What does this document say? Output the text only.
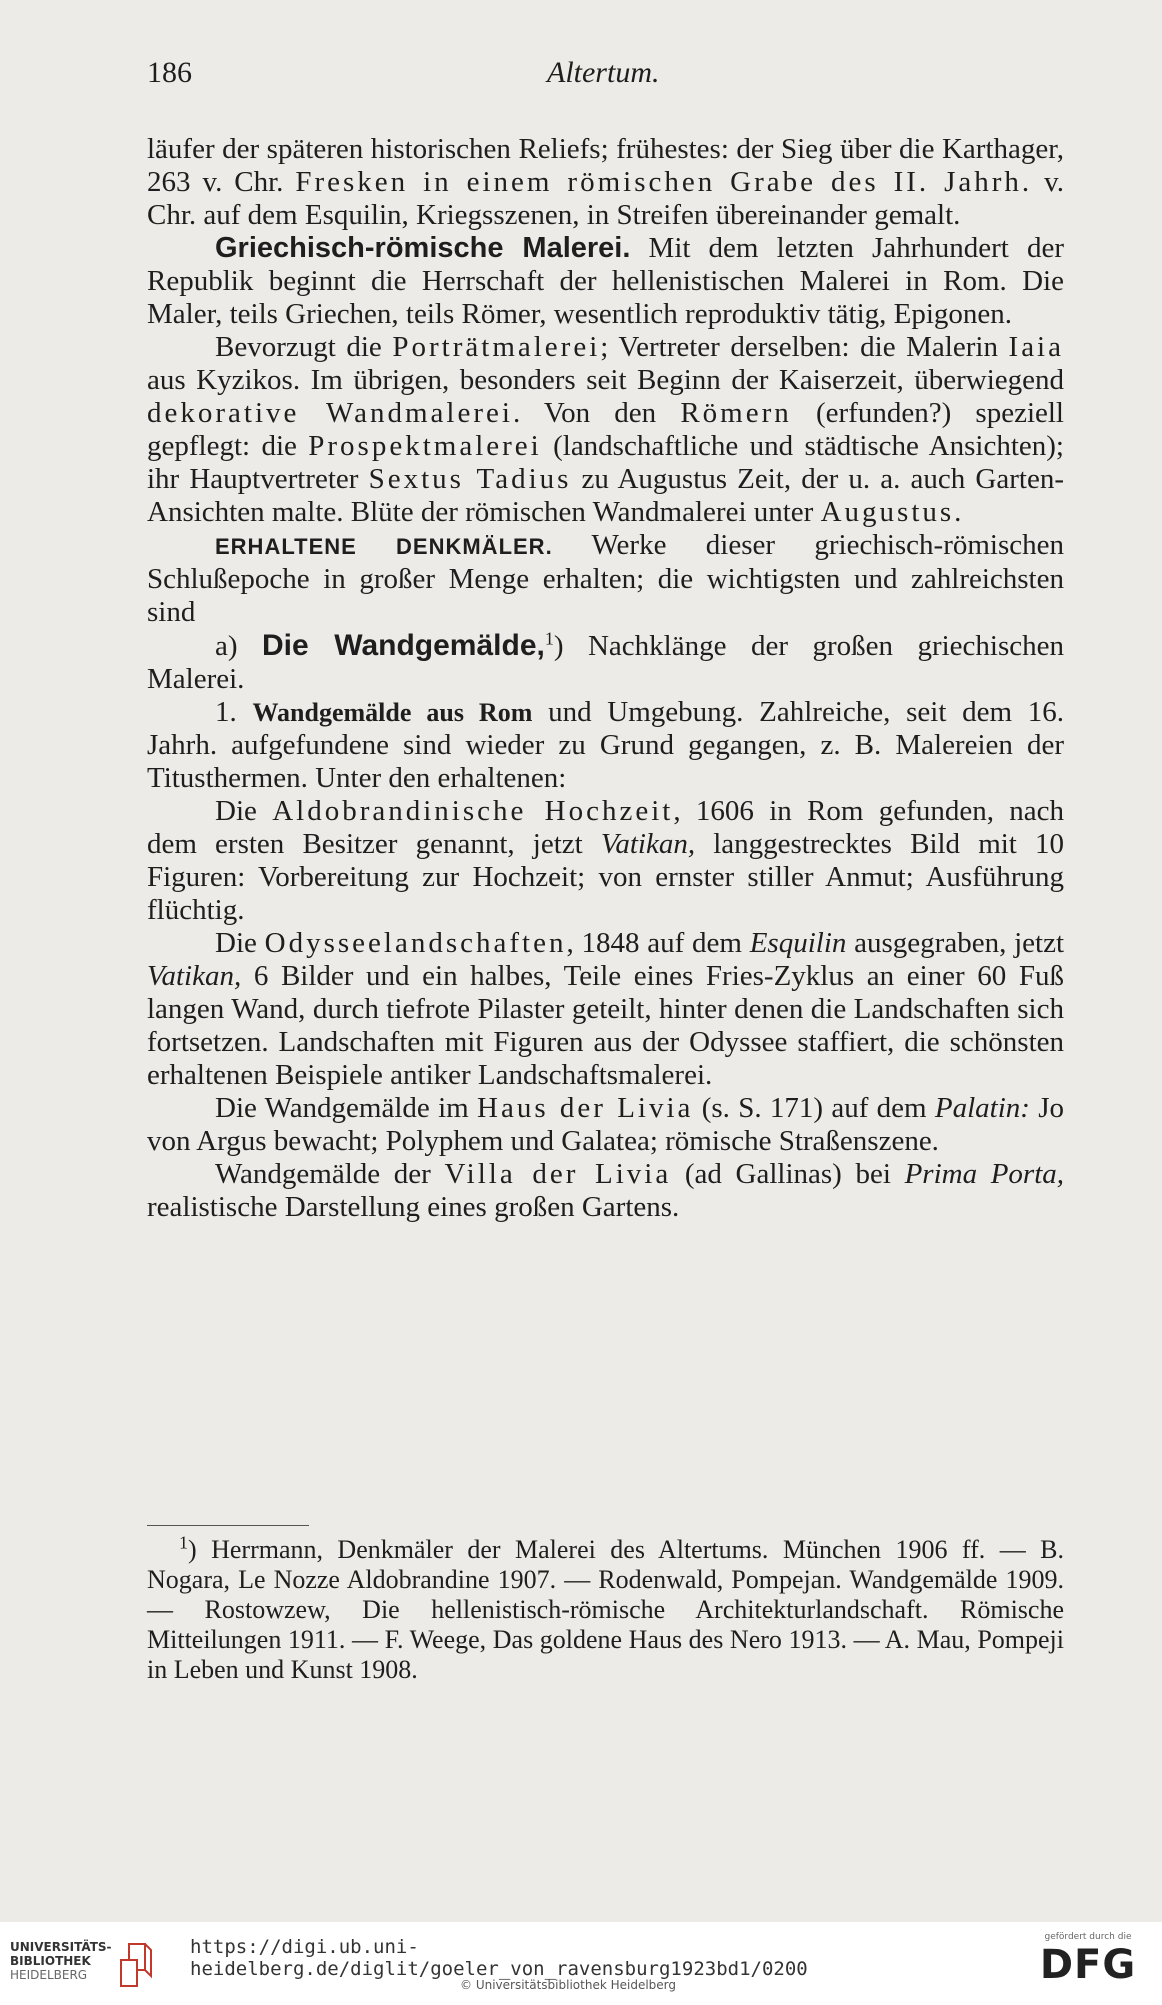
186	Altertum.

läufer der späteren historischen Reliefs; frühestes: der Sieg über die Karthager, 263 v. Chr. Fresken in einem römischen Grabe des II. Jahrh. v. Chr. auf dem Esquilin, Kriegsszenen, in Streifen übereinander gemalt.

Griechisch-römische Malerei. Mit dem letzten Jahrhundert der Republik beginnt die Herrschaft der hellenistischen Malerei in Rom. Die Maler, teils Griechen, teils Römer, wesentlich reproduktiv tätig, Epigonen.

Bevorzugt die Porträtmalerei; Vertreter derselben: die Malerin Iaia aus Kyzikos. Im übrigen, besonders seit Beginn der Kaiserzeit, überwiegend dekorative Wandmalerei. Von den Römern (erfunden?) speziell gepflegt: die Prospektmalerei (landschaftliche und städtische Ansichten); ihr Hauptvertreter Sextus Tadius zu Augustus Zeit, der u. a. auch Garten-Ansichten malte. Blüte der römischen Wandmalerei unter Augustus.

ERHALTENE DENKMÄLER. Werke dieser griechisch-römischen Schlußepoche in großer Menge erhalten; die wichtigsten und zahlreichsten sind

a) Die Wandgemälde,$^1$) Nachklänge der großen griechischen Malerei.

1. Wandgemälde aus Rom und Umgebung. Zahlreiche, seit dem 16. Jahrh. aufgefundene sind wieder zu Grund gegangen, z. B. Malereien der Titusthermen. Unter den erhaltenen:

Die Aldobrandinische Hochzeit, 1606 in Rom gefunden, nach dem ersten Besitzer genannt, jetzt Vatikan, langgestrecktes Bild mit 10 Figuren: Vorbereitung zur Hochzeit; von ernster stiller Anmut; Ausführung flüchtig.

Die Odysseelandschaften, 1848 auf dem Esquilin ausgegraben, jetzt Vatikan, 6 Bilder und ein halbes, Teile eines Fries-Zyklus an einer 60 Fuß langen Wand, durch tiefrote Pilaster geteilt, hinter denen die Landschaften sich fortsetzen. Landschaften mit Figuren aus der Odyssee staffiert, die schönsten erhaltenen Beispiele antiker Landschaftsmalerei.

Die Wandgemälde im Haus der Livia (s. S. 171) auf dem Palatin: Jo von Argus bewacht; Polyphem und Galatea; römische Straßenszene.

Wandgemälde der Villa der Livia (ad Gallinas) bei Prima Porta, realistische Darstellung eines großen Gartens.

$^1$) Herrmann, Denkmäler der Malerei des Altertums. München 1906 ff. — B. Nogara, Le Nozze Aldobrandine 1907. — Rodenwald, Pompejan. Wandgemälde 1909. — Rostowzew, Die hellenistisch-römische Architekturlandschaft. Römische Mitteilungen 1911. — F. Weege, Das goldene Haus des Nero 1913. — A. Mau, Pompeji in Leben und Kunst 1908.

UNIVERSITÄTS-
BIBLIOTHEK
HEIDELBERG
https://digi.ub.uni-heidelberg.de/diglit/goeler_von_ravensburg1923bd1/0200
© Universitätsbibliothek Heidelberg
gefördert durch die
DFG
